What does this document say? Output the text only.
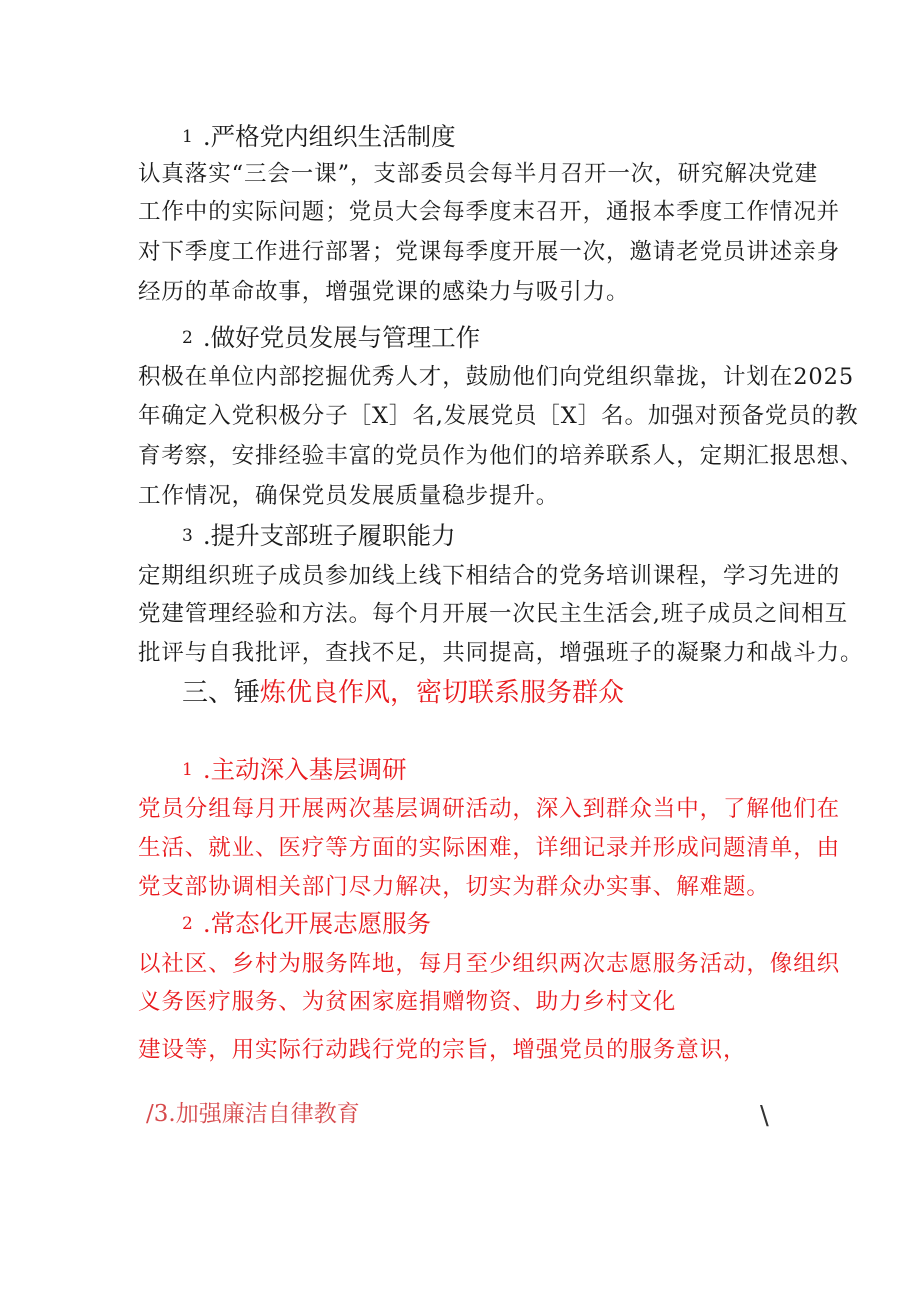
1 .严格党内组织生活制度
认真落实“三会一课”，支部委员会每半月召开一次，研究解决党建
工作中的实际问题；党员大会每季度末召开，通报本季度工作情况并
对下季度工作进行部署；党课每季度开展一次，邀请老党员讲述亲身
经历的革命故事，增强党课的感染力与吸引力。
2 .做好党员发展与管理工作
积极在单位内部挖掘优秀人才，鼓励他们向党组织靠拢，计划在2025
年确定入党积极分子［X］名,发展党员［X］名。加强对预备党员的教
育考察，安排经验丰富的党员作为他们的培养联系人，定期汇报思想、
工作情况，确保党员发展质量稳步提升。
3 .提升支部班子履职能力
定期组织班子成员参加线上线下相结合的党务培训课程，学习先进的
党建管理经验和方法。每个月开展一次民主生活会,班子成员之间相互
批评与自我批评，查找不足，共同提高，增强班子的凝聚力和战斗力。
三、锤炼优良作风，密切联系服务群众
1 .主动深入基层调研
党员分组每月开展两次基层调研活动，深入到群众当中，了解他们在
生活、就业、医疗等方面的实际困难，详细记录并形成问题清单，由
党支部协调相关部门尽力解决，切实为群众办实事、解难题。
2 .常态化开展志愿服务
以社区、乡村为服务阵地，每月至少组织两次志愿服务活动，像组织
义务医疗服务、为贫困家庭捐赠物资、助力乡村文化
建设等，用实际行动践行党的宗旨，增强党员的服务意识，
/3.加强廉洁自律教育	\
